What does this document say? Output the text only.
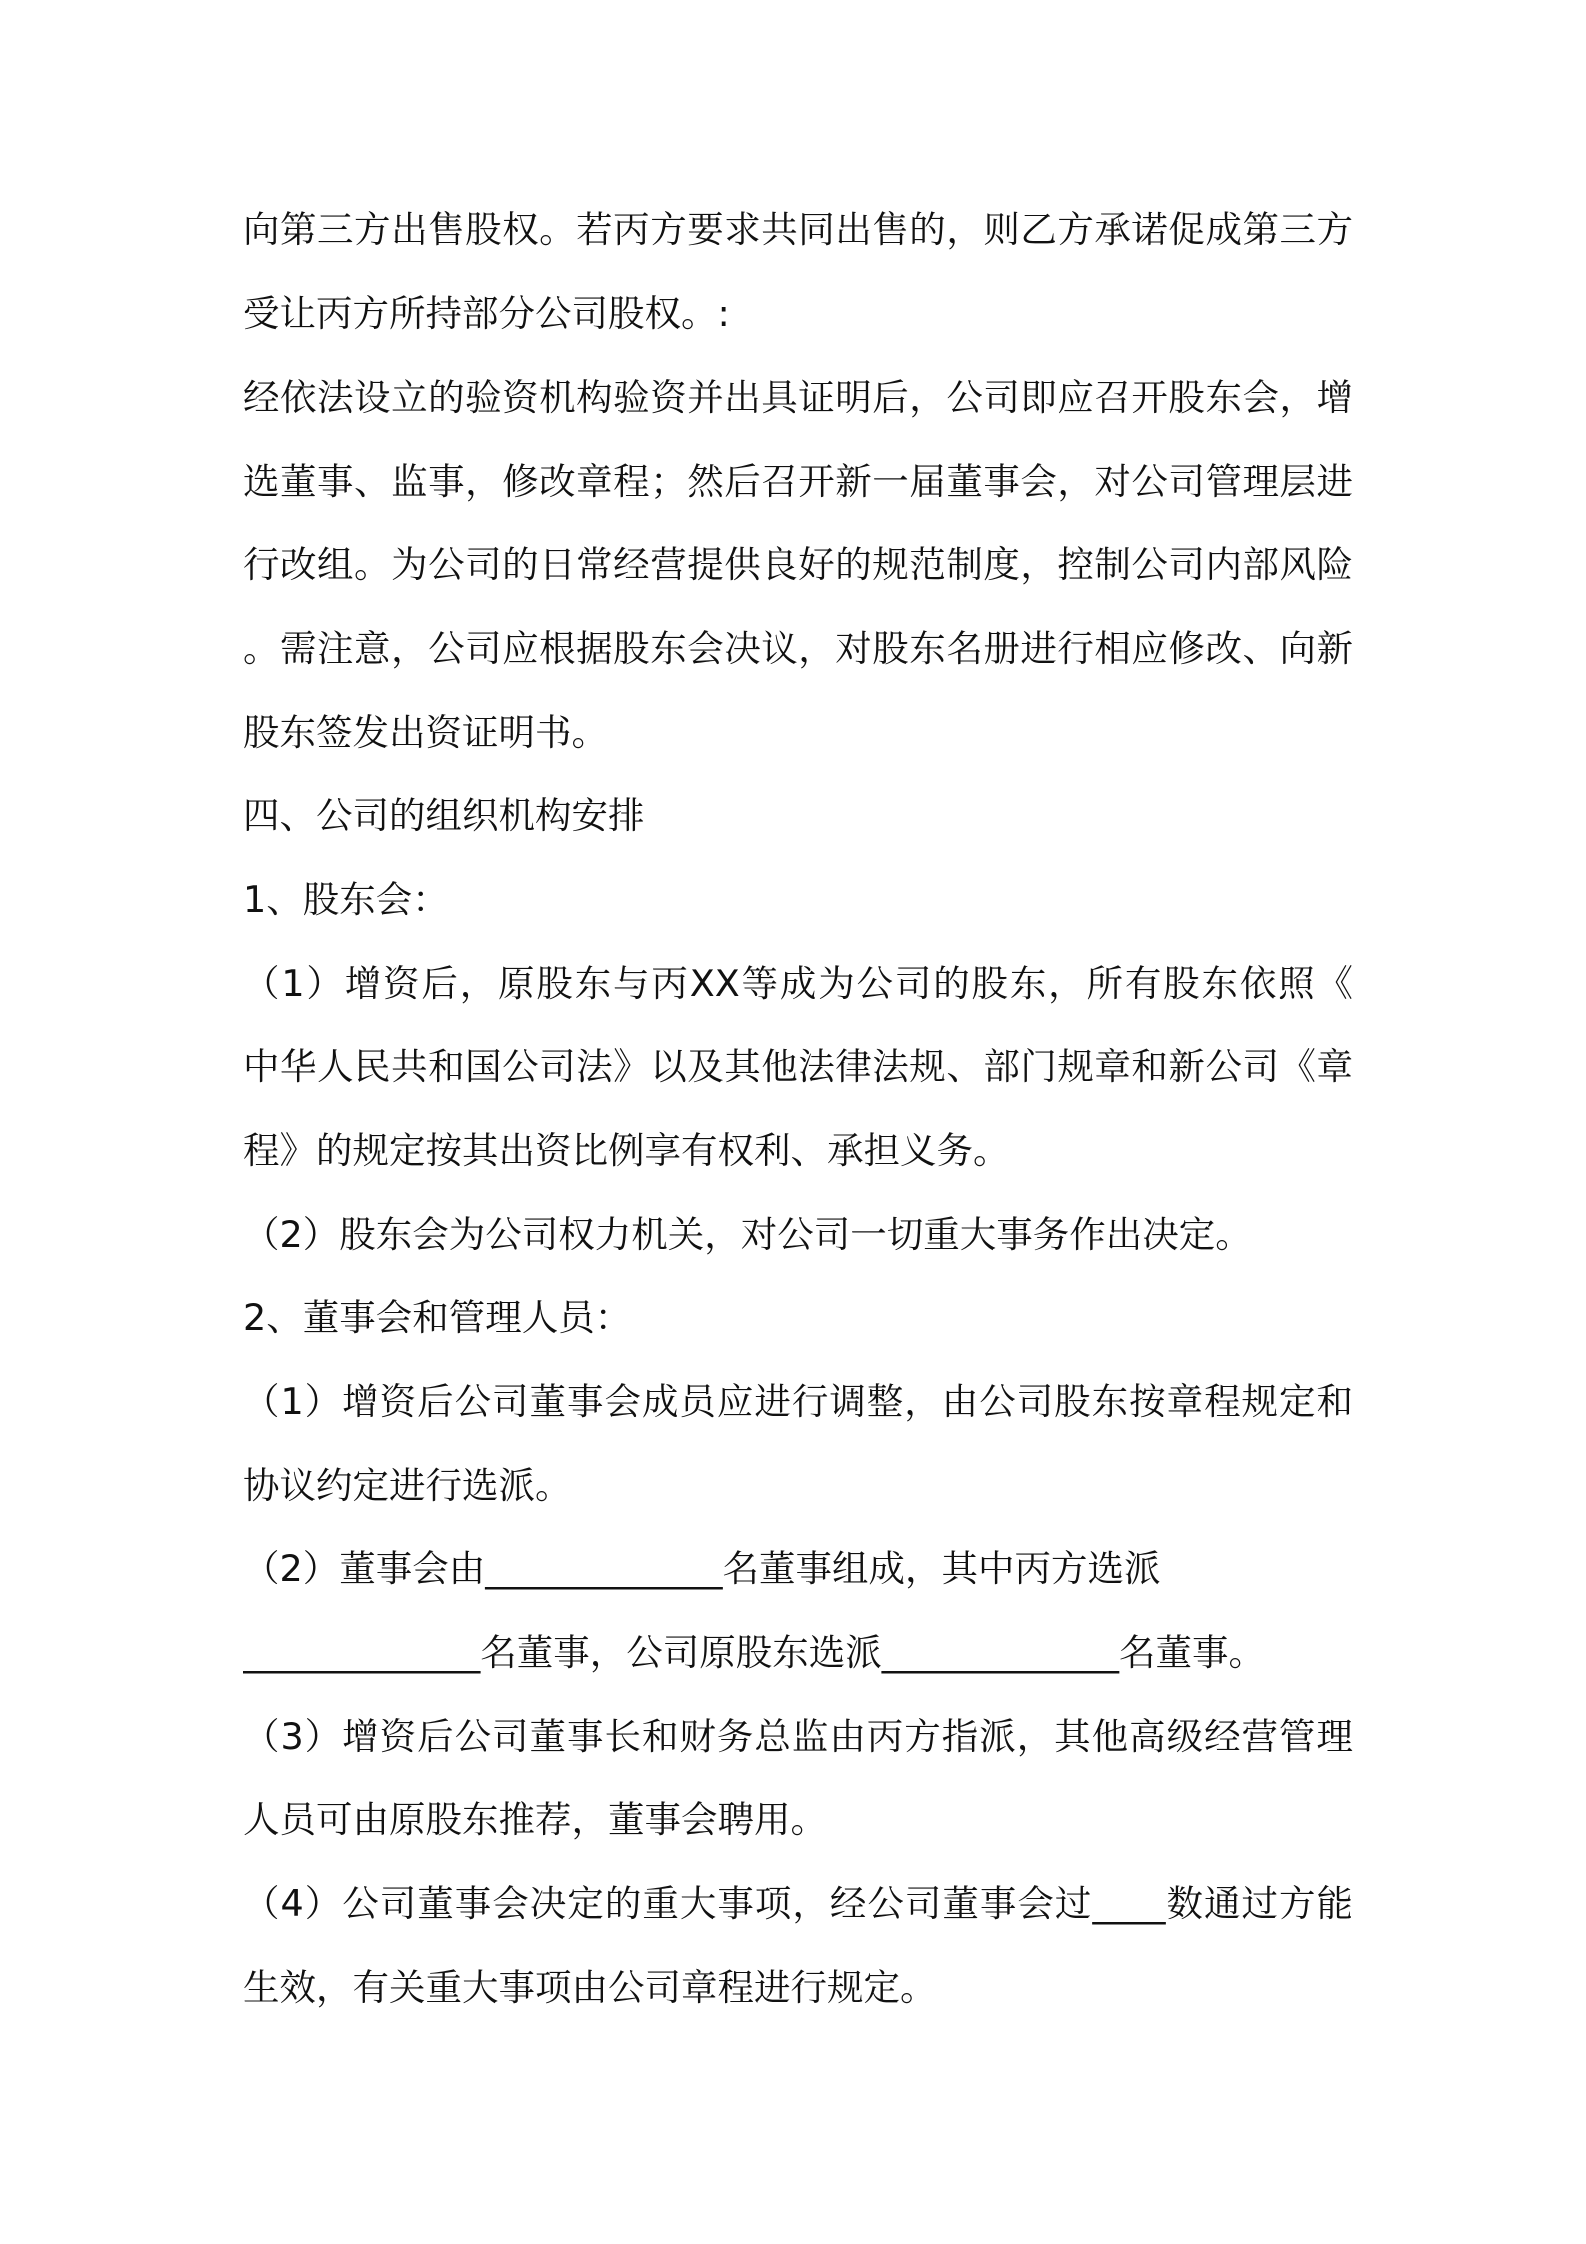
向第三方出售股权。若丙方要求共同出售的，则乙方承诺促成第三方
受让丙方所持部分公司股权。:
经依法设立的验资机构验资并出具证明后，公司即应召开股东会，增
选董事、监事，修改章程；然后召开新一届董事会，对公司管理层进
行改组。为公司的日常经营提供良好的规范制度，控制公司内部风险
。需注意，公司应根据股东会决议，对股东名册进行相应修改、向新
股东签发出资证明书。
四、公司的组织机构安排
1、股东会：
（1）增资后，原股东与丙XX等成为公司的股东，所有股东依照《
中华人民共和国公司法》以及其他法律法规、部门规章和新公司《章
程》的规定按其出资比例享有权利、承担义务。
（2）股东会为公司权力机关，对公司一切重大事务作出决定。
2、董事会和管理人员：
（1）增资后公司董事会成员应进行调整，由公司股东按章程规定和
协议约定进行选派。
（2）董事会由_____________名董事组成，其中丙方选派
_____________名董事，公司原股东选派_____________名董事。
（3）增资后公司董事长和财务总监由丙方指派，其他高级经营管理
人员可由原股东推荐，董事会聘用。
（4）公司董事会决定的重大事项，经公司董事会过____数通过方能
生效，有关重大事项由公司章程进行规定。
